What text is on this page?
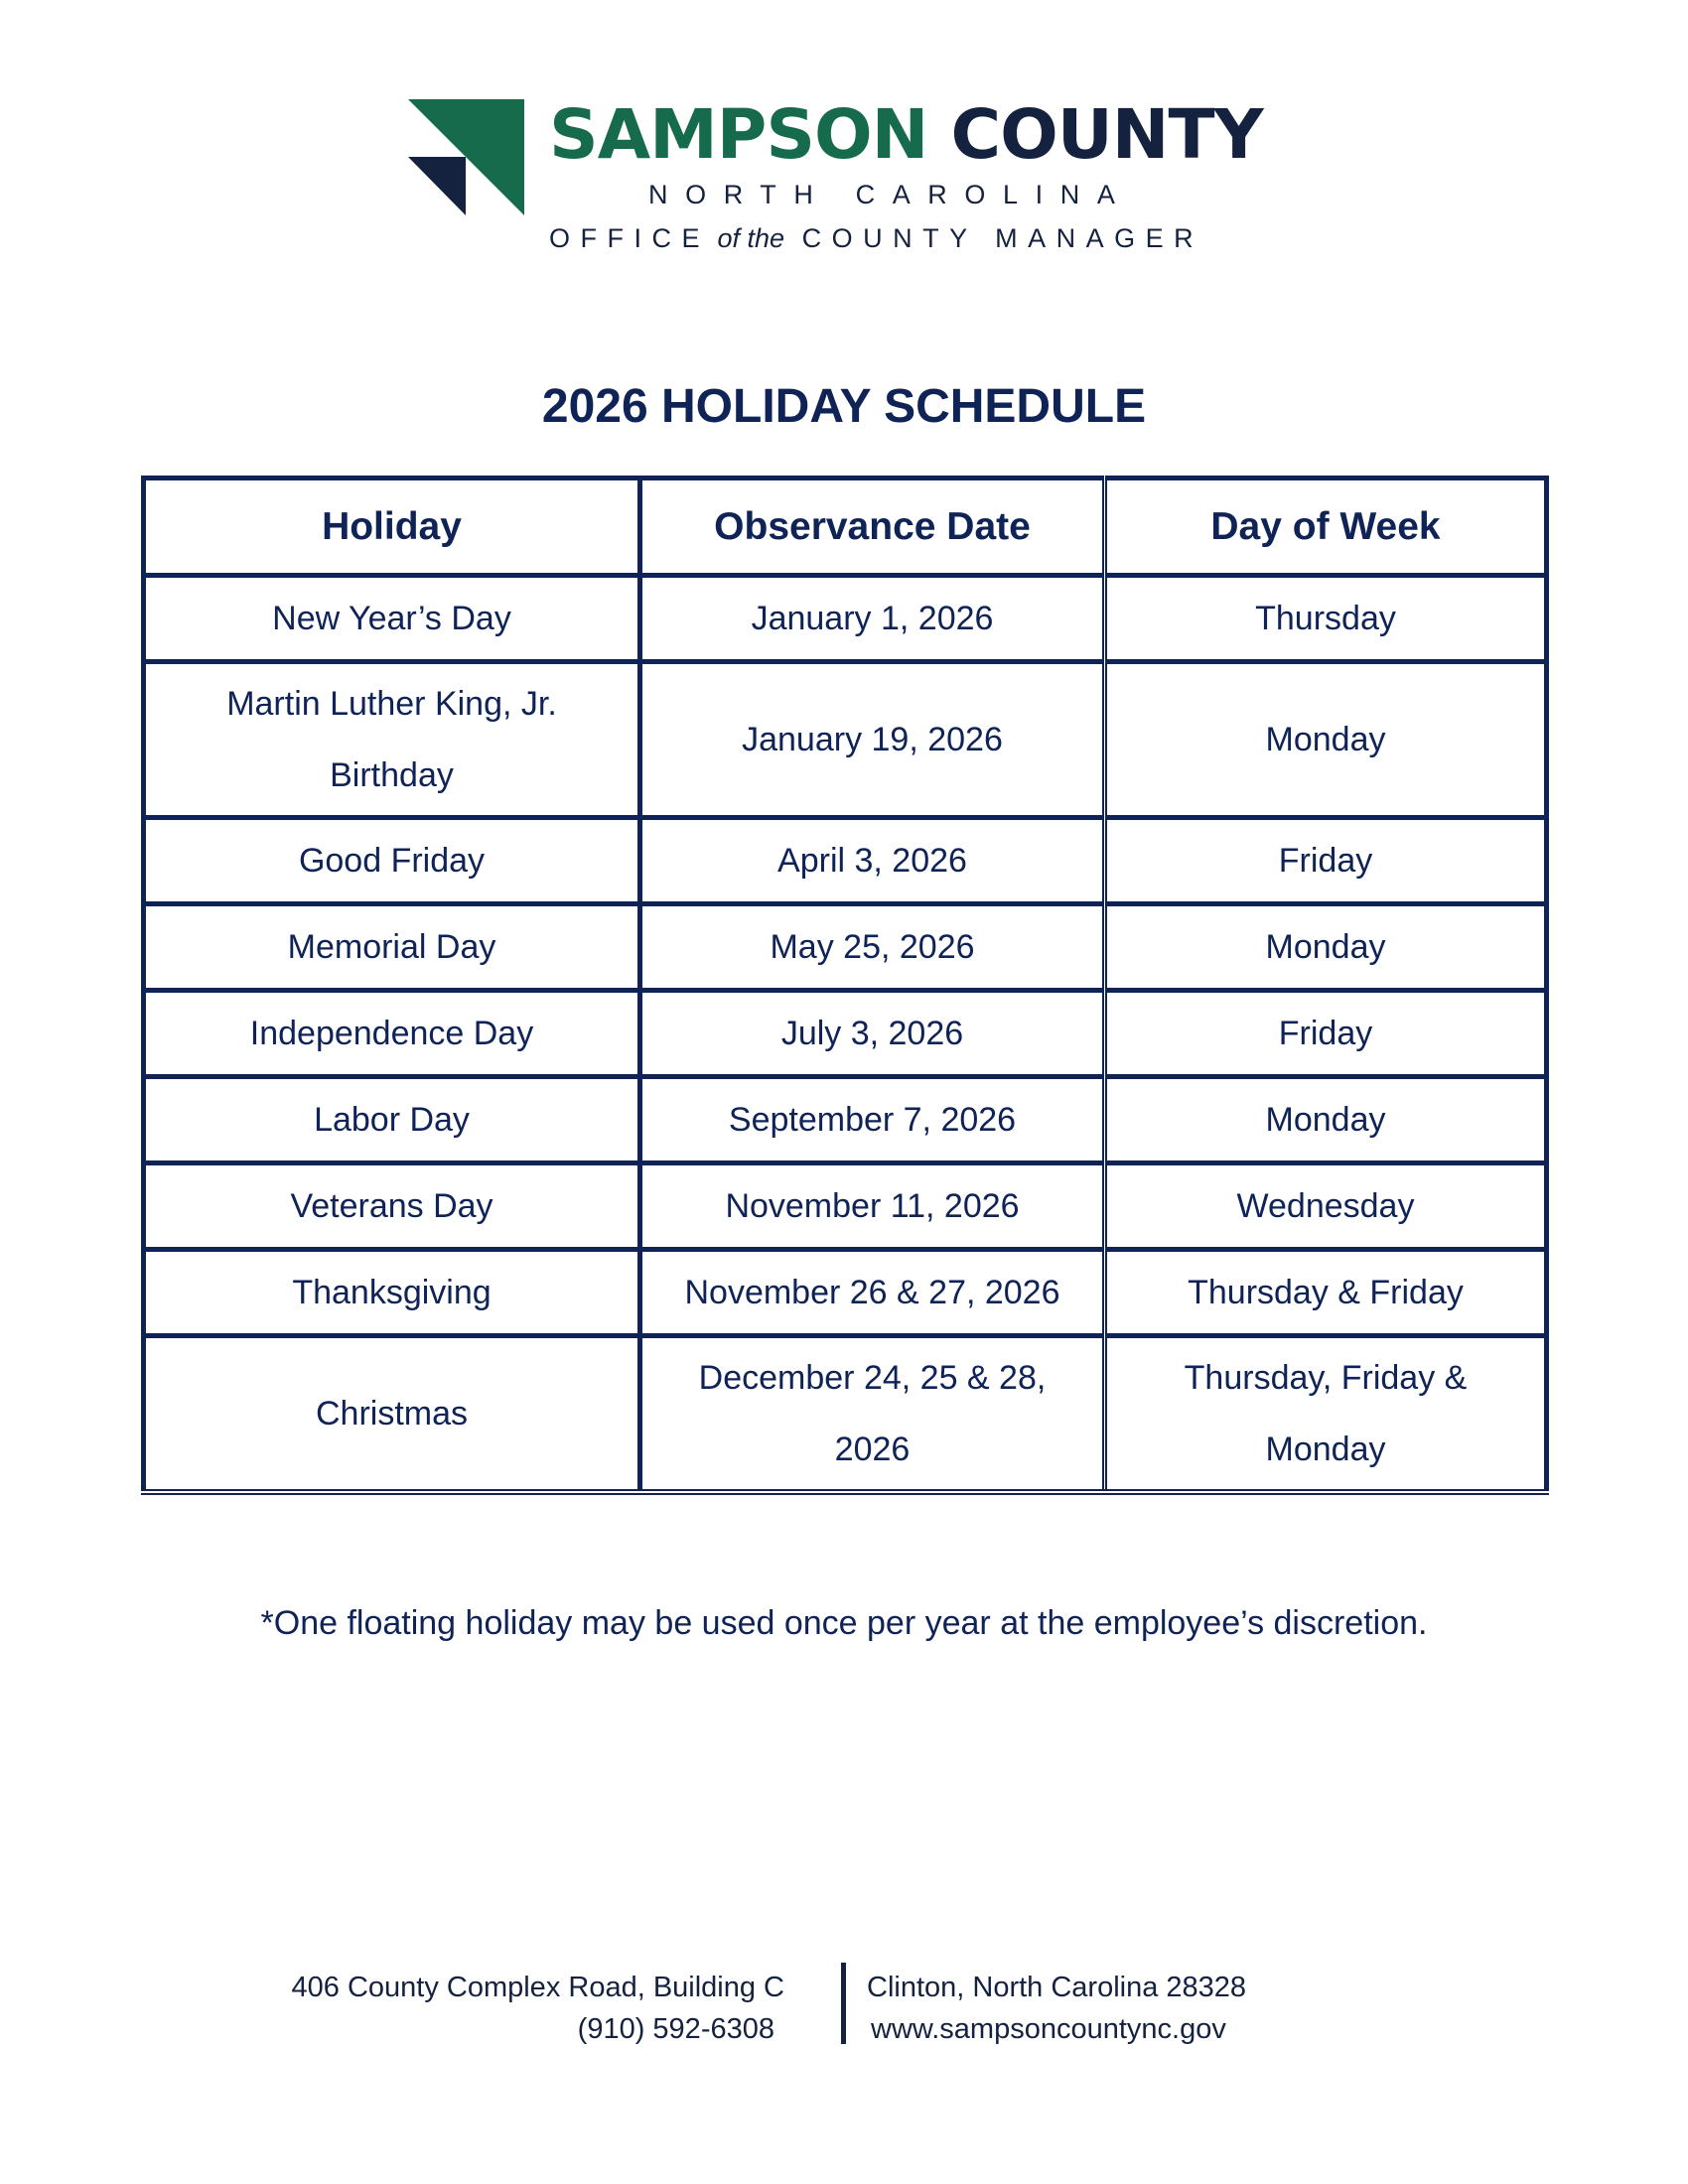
SAMPSON COUNTY
NORTH CAROLINA
OFFICE of the COUNTY MANAGER
2026 HOLIDAY SCHEDULE
Holiday	Observance Date	Day of Week
New Year’s Day	January 1, 2026	Thursday
Martin Luther King, Jr. Birthday	January 19, 2026	Monday
Good Friday	April 3, 2026	Friday
Memorial Day	May 25, 2026	Monday
Independence Day	July 3, 2026	Friday
Labor Day	September 7, 2026	Monday
Veterans Day	November 11, 2026	Wednesday
Thanksgiving	November 26 & 27, 2026	Thursday & Friday
Christmas	December 24, 25 & 28, 2026	Thursday, Friday & Monday

*One floating holiday may be used once per year at the employee’s discretion.

406 County Complex Road, Building C
(910) 592-6308
Clinton, North Carolina 28328
www.sampsoncountync.gov
